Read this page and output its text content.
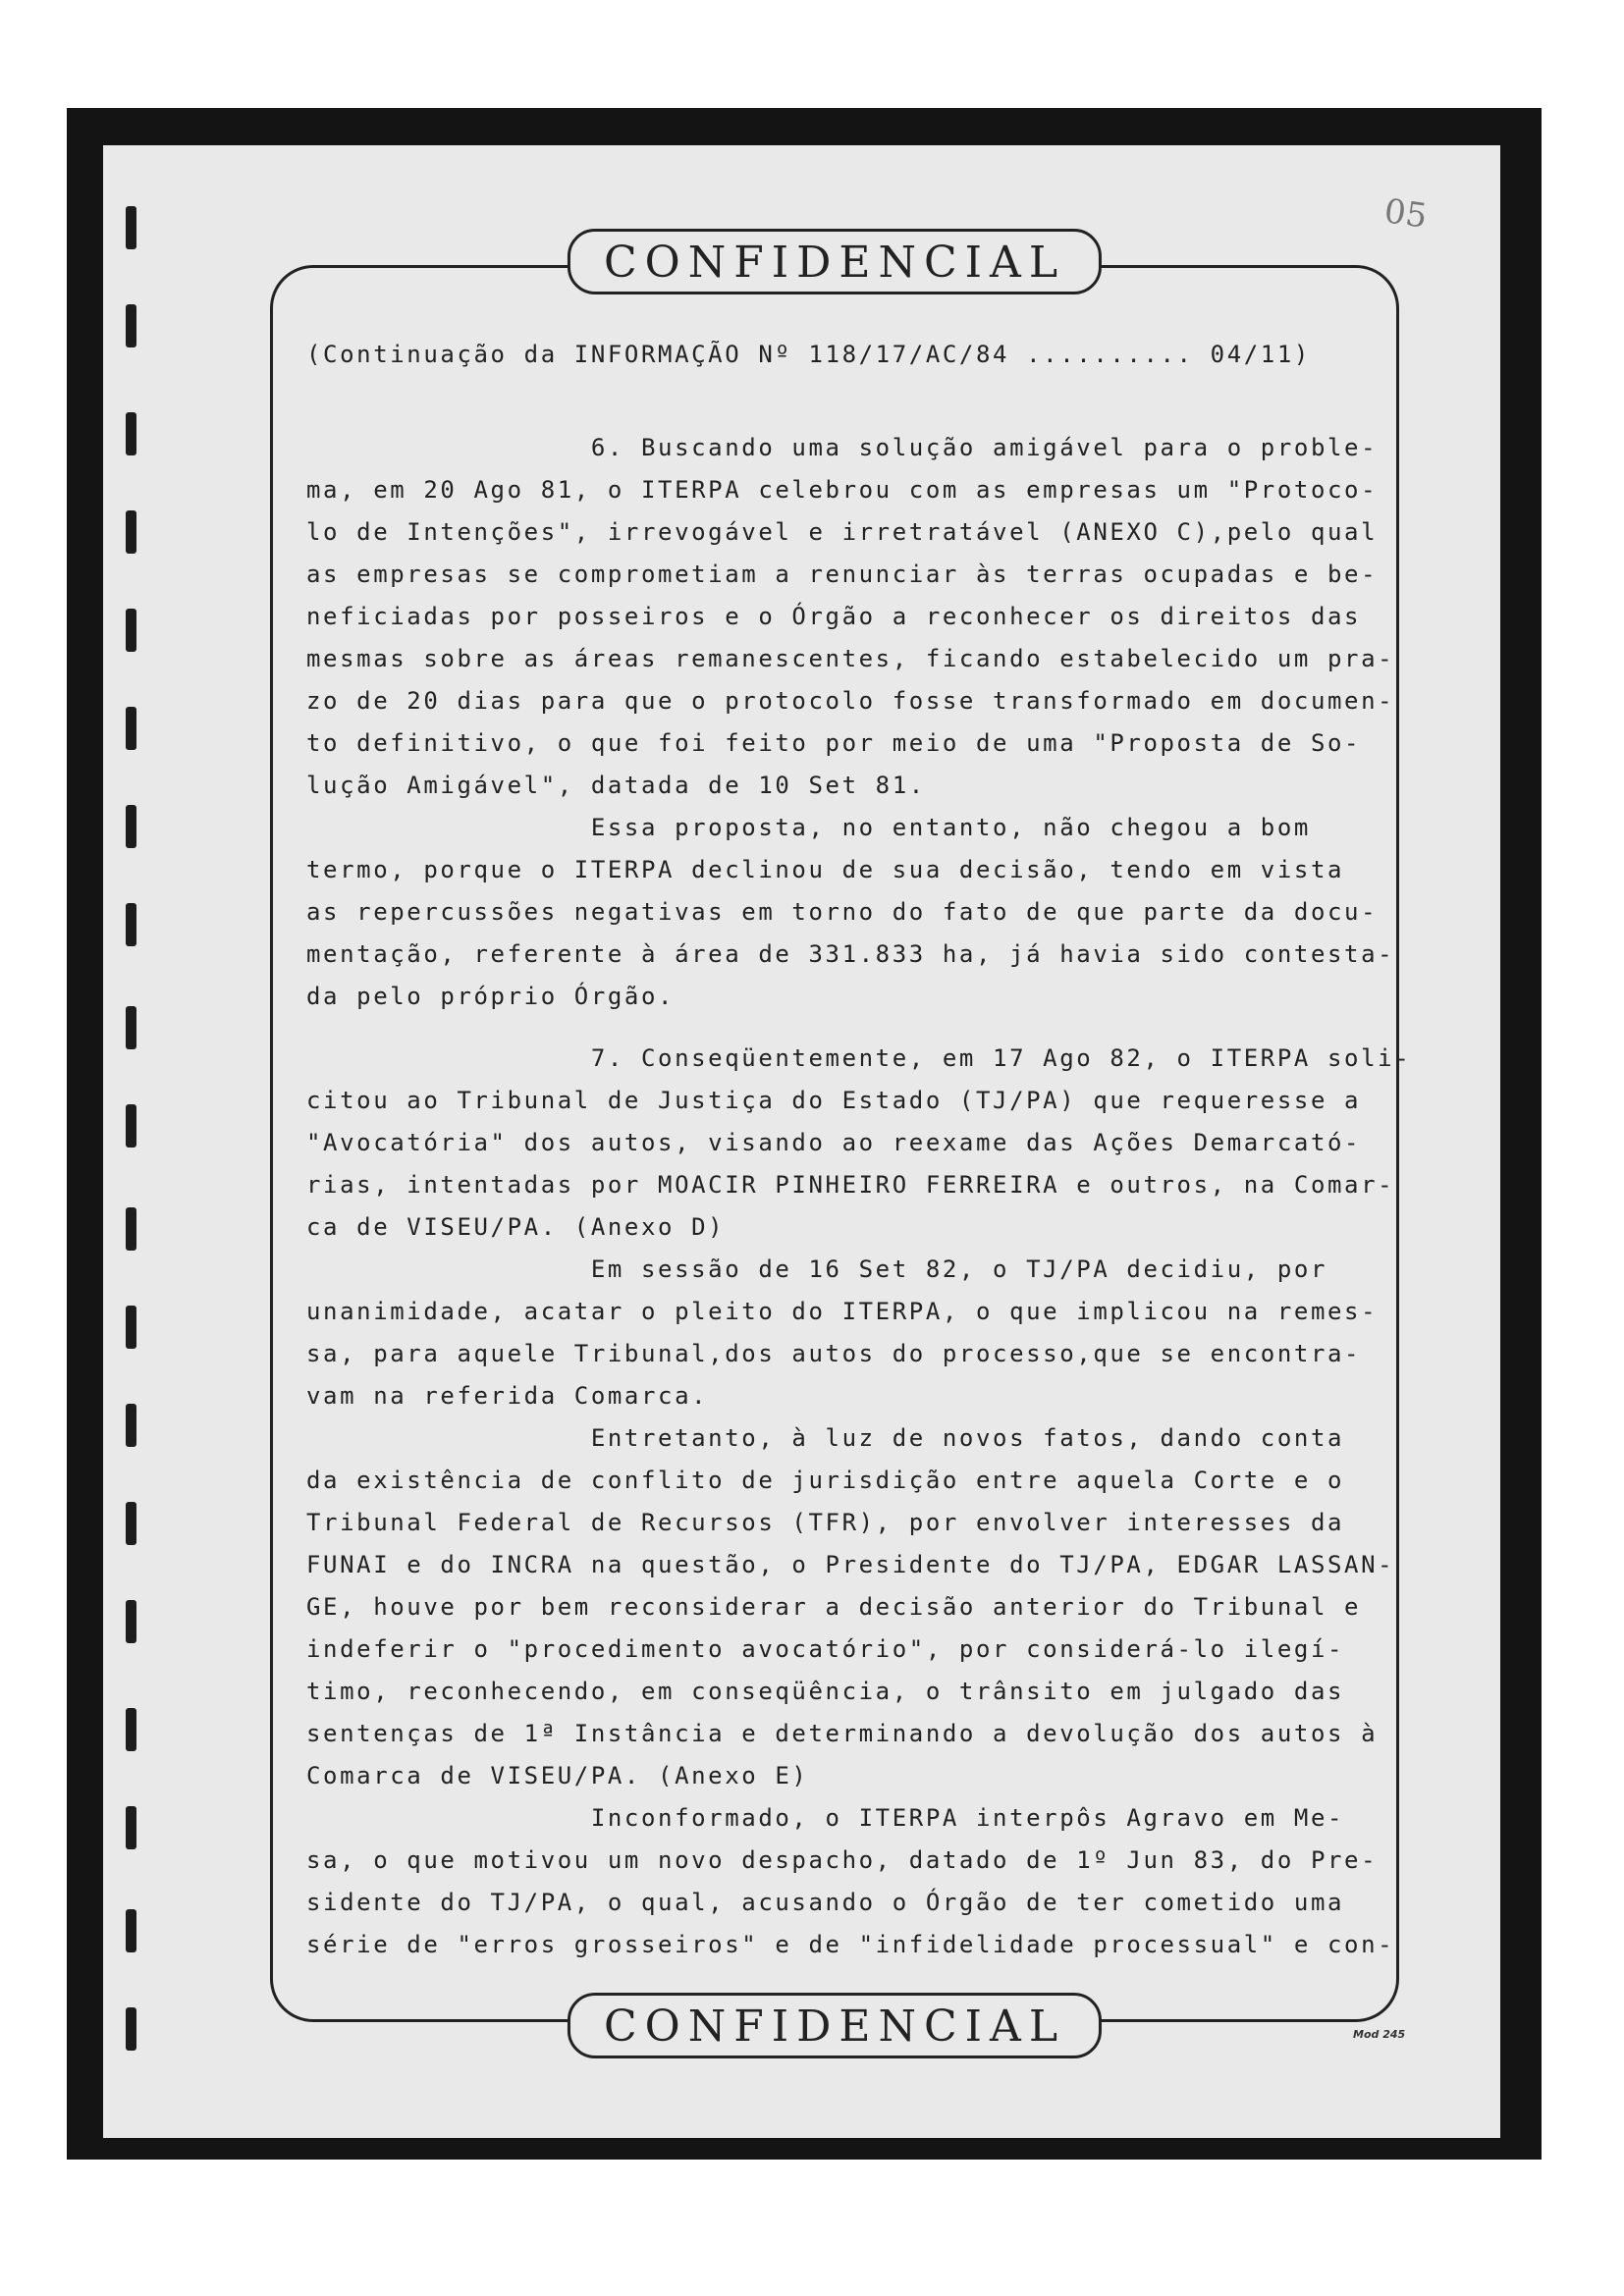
05
CONFIDENCIAL
CONFIDENCIAL	Mod 245
(Continuação da INFORMAÇÃO Nº 118/17/AC/84 .......... 04/11)
6. Buscando uma solução amigável para o proble-
ma, em 20 Ago 81, o ITERPA celebrou com as empresas um "Protoco-
lo de Intenções", irrevogável e irretratável (ANEXO C),pelo qual
as empresas se comprometiam a renunciar às terras ocupadas e be-
neficiadas por posseiros e o Órgão a reconhecer os direitos das
mesmas sobre as áreas remanescentes, ficando estabelecido um pra-
zo de 20 dias para que o protocolo fosse transformado em documen-
to definitivo, o que foi feito por meio de uma "Proposta de So-
lução Amigável", datada de 10 Set 81.
Essa proposta, no entanto, não chegou a bom
termo, porque o ITERPA declinou de sua decisão, tendo em vista
as repercussões negativas em torno do fato de que parte da docu-
mentação, referente à área de 331.833 ha, já havia sido contesta-
da pelo próprio Órgão.
7. Conseqüentemente, em 17 Ago 82, o ITERPA soli-
citou ao Tribunal de Justiça do Estado (TJ/PA) que requeresse a
"Avocatória" dos autos, visando ao reexame das Ações Demarcató-
rias, intentadas por MOACIR PINHEIRO FERREIRA e outros, na Comar-
ca de VISEU/PA. (Anexo D)
Em sessão de 16 Set 82, o TJ/PA decidiu, por
unanimidade, acatar o pleito do ITERPA, o que implicou na remes-
sa, para aquele Tribunal,dos autos do processo,que se encontra-
vam na referida Comarca.
Entretanto, à luz de novos fatos, dando conta
da existência de conflito de jurisdição entre aquela Corte e o
Tribunal Federal de Recursos (TFR), por envolver interesses da
FUNAI e do INCRA na questão, o Presidente do TJ/PA, EDGAR LASSAN-
GE, houve por bem reconsiderar a decisão anterior do Tribunal e
indeferir o "procedimento avocatório", por considerá-lo ilegí-
timo, reconhecendo, em conseqüência, o trânsito em julgado das
sentenças de 1ª Instância e determinando a devolução dos autos à
Comarca de VISEU/PA. (Anexo E)
Inconformado, o ITERPA interpôs Agravo em Me-
sa, o que motivou um novo despacho, datado de 1º Jun 83, do Pre-
sidente do TJ/PA, o qual, acusando o Órgão de ter cometido uma
série de "erros grosseiros" e de "infidelidade processual" e con-
